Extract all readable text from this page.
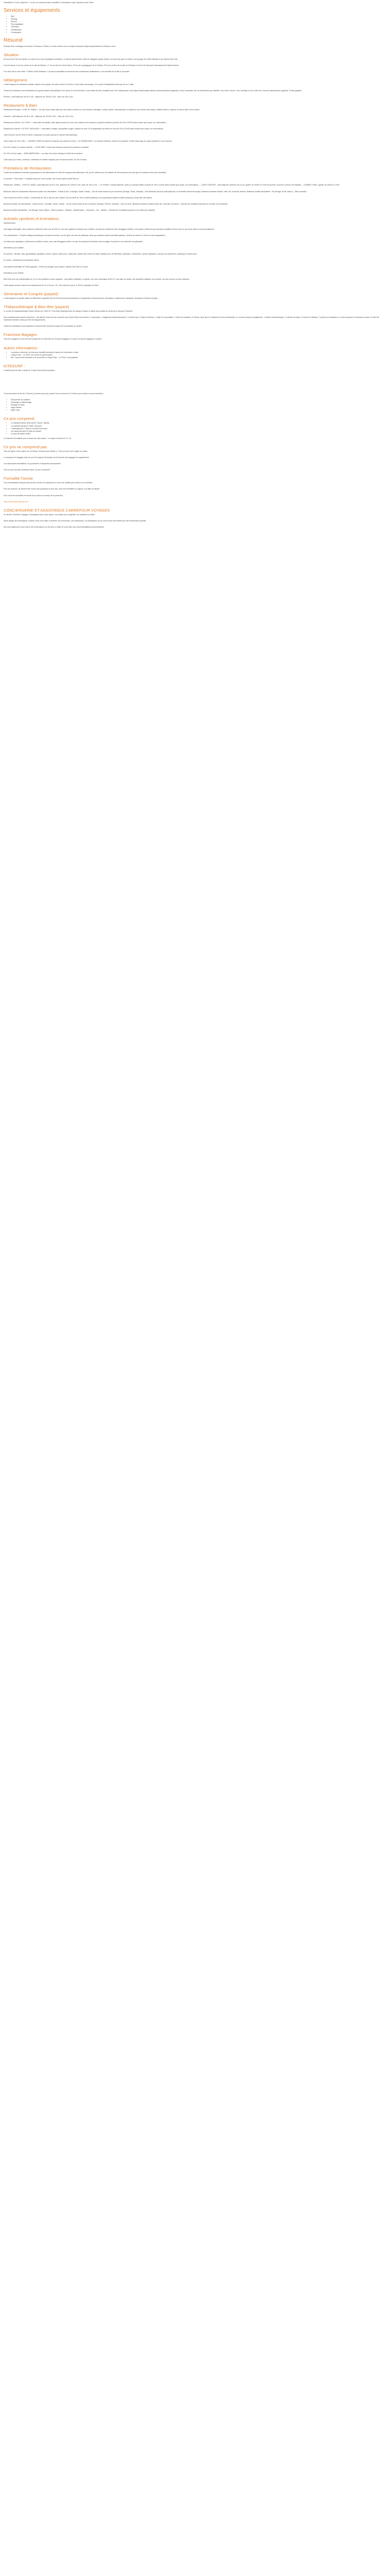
Description Ce prix comprend : Ce prix ne comprend pas Formalités Conciergerie Logo Linquetour Avis Client
Services et équipements
• Wifi
• Parking
• Piscine
• Parc aquatique
• Télévision
• Climatisation
• Conciergerie
Résumé
Kiosque Ras, Lindiagaur nouveaux en Eslaoun ! Partez, en toute sérieux pour un séjour éclosant à Djerba spécialement à fait pour vous !
Situation
Au bord de la Tour de Djerba, au cœur de la zone touristique de Midoun, le Djerba Aqua Resort, hôtel de catégorie quatre étoiles, se trouve de part en d'autre, de la jungle de l'hôtel Hôtesse et du Djerba Golf Club.
Il est à environ 3 min du centre de la ville de Midoun, 17 km du site de Houmt Souk, 23 km de la synagogue de la Ghriba, 23 km du centre de la ville de Guellala et 32 km de l'Aéroport International de Djerba Zarzis.
Il se veut vite à votre hôtel « Tickets Grand Plateaux » et pas la possibilité de découvrir des nombreuses destinations, et la curiosité de la ville à proximité.
Hébergement
L'hôtel dispose de chambres doubles, triples et de duplex, de suites Junior et Senior, il vous suite économique, d'un suite Présidentielle ainsi que de sa « villas.
Toutes les chambres sont climatisées et le grand espace fait participer d'un décor ou d'une terrasse, d'une salle de bain complète avec WC indépendant, d'une ligne téléphonique directe (communications payantes), d'une connexion wifi, de la télévision par satellite, d'un dîner réserve, d'un minifrigo et d'un coffre fort. Service blanchisserie (payant). Il hôtel (payant).
Pension : petit-déjeuner de 6h à 10h - déjeuner de 12h30 à 14h - dîner de 19h à 21h.
Restaurants & Bars
Restaurant Principal « CHAT EL HANIA » : au sein d'une vaste salle aux tons clairs ouverte sur une terrasse ombragée, cuisine variée, internationale et tunisienne aux heures des repas, buffets à thème, copieux à toute la faite d'une culture.
Horaires : petit déjeuner de 6h à 10h - déjeuner de 12h30 à 14h - dîner de 19h à 21h.
Restaurant à thème « EL THOS » : cette salle est dédiée, offrir gastronomie de la mer une cuisine et les saveurs du grand-continent (ouverte de 19h à 21h30 sans horaire que repas, sur réservation).
Restaurant à thème « LE PETIT MOULINS » : décoration vintage, banquettes rouges, chaises en bois. Et le dégustation de frites de vous de 19h à 21h30 sans horaire que repas, sur réservation).
Café Concert: bar de 9h30 à 23h00, restaurant à la carte (pizzas et cuisine internationale).
Café Lobby: de 10h à 18h — CONNECT BAR est réservé la piscine aux séniors en bois, « LE GRAND BAR » en ceinture extérieur, auteur de la piscine. Entrée selon type du séjour (adulte) et coin fumeurs.
De 14h à minuit, en saison estivale — JUICE BAR « vente des boissons sucrées et pressées mondaine.
De 10h à 24 au matin — BAR AMERICAIN » : au cœur d'un décor design du hôtel de la location.
Café repos (ou entre), couteaux, maîtresse et modèle: épiques pour mineurs/contrat, de 16h à minuit.
Prestations de Restauration
Toutes les prestations formules (proposées) en vos alternatives et café de marques internationales, thé, jus de variété pour les classes de demi-pension (et sans que les boissons hors des bouteilles).
La formule " Tous inclus " n'englobe pas pour tout le projet, soit le deux tiplit ouvrant fait sur:
Restaurant : Buffets – CHAT EL HANIA : petit déjeuner de 6h à 10h, déjeuner de 12h30 à 14h, dîner de 19h à 21h — LE TRIUM « cuisine italienne, dans un concept raffiné ouverte de 19h à 21h30 (sans horaire que repas, sur réservation). — CAFÉ CONCERT : petit déjeuner tardif de 10h à 11h, goûter de 16h30 à 17h30 et pizzeria / boucher à l'heure de l'apéritif — CONNECT BAR : goûter de 16h30 à 17h30.
Boissons dans les restaurants: Boissons locales non alcoolisées : Sodas (Coca, Cola light, Sprite, Fanta) – Jus de fruits à base de jus concentré (Orange, Citron, Ananas) – Eau Minérale (sous au petit-déjeuner, en bouteille durant les repas). Boissons chaudes locales: café, thé, chocolat, tisanes. Boissons locales alcoolisées : Vin (Rouge, Rosé, Blanc) – Bière pression.
Café Concert de 9h30 à 23h00, Connect Bar de 10h à 18h (en été), Beach Club de 8h30 de 10h à 18h00 (Boissons non alcoolisées locales et Bière pression), Exotic Bar 15h-Minuit.
Boissons locales non alcoolisées : Sodas (Coca, Cola light, Sprite, Fanta) – Jus de fruits à base de jus concentré (Orange, Pomme, Ananas) – Eau au verre. Boissons chaudes locales (café, thé, chocolat, verveine) – Gamme de cocktails proposés sur la carte (non-inclusifs).
Boissons locales alcoolisées : Vin (Rouge, Rosé, Blanc) – Bière pression – Whisky – Apéritif anisé – Vermouth – Gin – Martini – Gamme de Cocktails proposés sur la carte (non adjoint).
Activités sportives et Animations
Infrastructures
Une plage aménagée, deux piscines extérieures dont une de 200 m², une avec galeries et bassin pour enfants, une piscine extérieure avec toboggans enfants, une piscine intérieure (promenade) chauffée et hiver dont ce aux tours dans le nouveau bâtiment.
Lieu d'animations : Terrains multisport (pétanque), terrains de tennis, un mini-golf, une aire de pétanque, ainsi que plusieurs autres activités (danses, centres de remise en forme et soins aquatiques.
Un vaste parc aquatique, entièrement chauffé en hiver, avec des toboggans variés, un parc de plusieurs kilomètres entre la plage, la piscine et une sélection de glissades.
Animations pour adultes
En journée : aérobic, step, gymnastique aquatique, tennis, boccia, water-polo, volley-ball, basket-ball, tennis de table, football, jeux de fléchettes, pétanque, randonnées, sports nautiques, concours de badminton, pétanque et autres jeux.
En soirée : animations et spectacles variés.
À proximité immédiate de l'hôtel (payant) : Centre de plongée sous-marine, Djerba Golf Club (17 trous).
Animations pour enfants
Mini Club pour les enfants âgés de 4 à 12 ans répartis en deux espaces : cinq salles d'activités, un jardin, une zone ombragée de 80 m², une salle de sieste, des sanitaires adaptés, une cuisine, une aire de jeux et deux piscines.
Cette espace jeunes réservé aux adolescents de 13 à 16 ans : PC, wifi, internet et jeux. À 18:00, projection de films.
Séminaires et Congrès (payant)
L'hôtel dispose de quatre salles de différentes capacités (de 60 à 600 personnes) destinées à l'organisation d'événements, séminaires, conférences, banquets, réceptions et dîners de gala.
Thalassothérapie & Bien-être (payant)
Le centre de thalassothérapie Oasis s'étend sur 2.600 m², il est doté d'équipements de marque Hosbar et utilise les produits de soins de la marque Phytomer.
Son complètement humain comprend : une piscine d'eau de mer couverte avec 8 jets d'eau sous-marins, 2 hammams, 4 baignoires hydromassantes, 1 douche à jet, 2 salles de fitness, 1 salle de musculation, 1 salle de relaxation, le Sauna, ainsi que 42 cabines de soins individuelles. Le service comprend également : 4 salles d'hydrothérapie, 2 cabines de bains, la douche à affusion, 1 piscine de relaxation, le centre propose le hammam au soin, le rituel de l'hammam berbère, ainsi que des enveloppements.
Toutes les prestations sont payantes et doivent être réservées auprès de la réception du centre.
Franchise Bagages
Tous les voyageurs ont le droit de transporter en franchise de 23 kg de bagages en soute et 8 kg de bagages en cabine.
Autres informations :
• La piscine extérieure ne sera pas chauffée pendant la saison de novembre à mars.
• L'Aqua Park : "Le Privé" est ouvert en grand public.
• NB : l'accès des bracelets et la couverture à l'Aqua Park : "Le Privé" sont payants.
KITESURF :
L'activité peut se faire à partir de 3 dans 6 journées proposées.
2 demi-journées de 6h de 2 heures (2 heures par jour) à partir d'une rencontre de 2 élèves par moniteur et par instructeur.
• Découverte du matériel
• Décollage et atterrissage
• Pilotage de base
• Nage tractée
• Water start
Ce prix comprend
• Le transport aérien aller-retour France / Djerba
• Le transfert aéroport / hôtel / aéroport
• L'hébergement 7 nuits en formule tout inclus
• Les taxes aéroport et frais de dossier
• La taxe de séjour locale
Le bracelet est valable pour la durée de votre séjour : Le séjour ouvrant les 11 / 21.
Ce prix ne comprend pas
Taxe de séjour d'une valeur de 3,0 Dinars Tunisiens par Adulte (= 1 Euro) et par nuit à régler sur place.
Le transport de bagages dans le car de transport (l'exemple est la formule des bagages en supplément).
Les assurances facultatives, les pourboires et dépenses personnelles.
Tout ce qui n'est pas mentionné dans "ce prix comprend".
Formalité Tunisie
Les ressortissants français devront être munis d'un passeport en cours de validité pour entrer sur le territoire.
Pour les mineurs, ils doivent être munis d'un passeport à leur nom, avec les formalités en vigueur à la date du départ.
Pour toute les formalités de sortie de la police au bureau de la personne.
https://www.diplomatie.gouv.fr/
CONCIERGERIE ET ASSISTANCE CARREFOUR VOYAGES
Un dernier Carrefour Voyages Conciergerie pour votre séjour, vous aidez pour organiser vos activités sur place.
Notre équipe de conciergerie, experte, peut vous aider à réserver vos excursions, vos restaurants, vos spectacles ou de vous trouver des billets pour les événements sportifs.
Elle peut également vous fournir des informations sur les lieux à visiter et vous faire des recommandations personnalisées.
